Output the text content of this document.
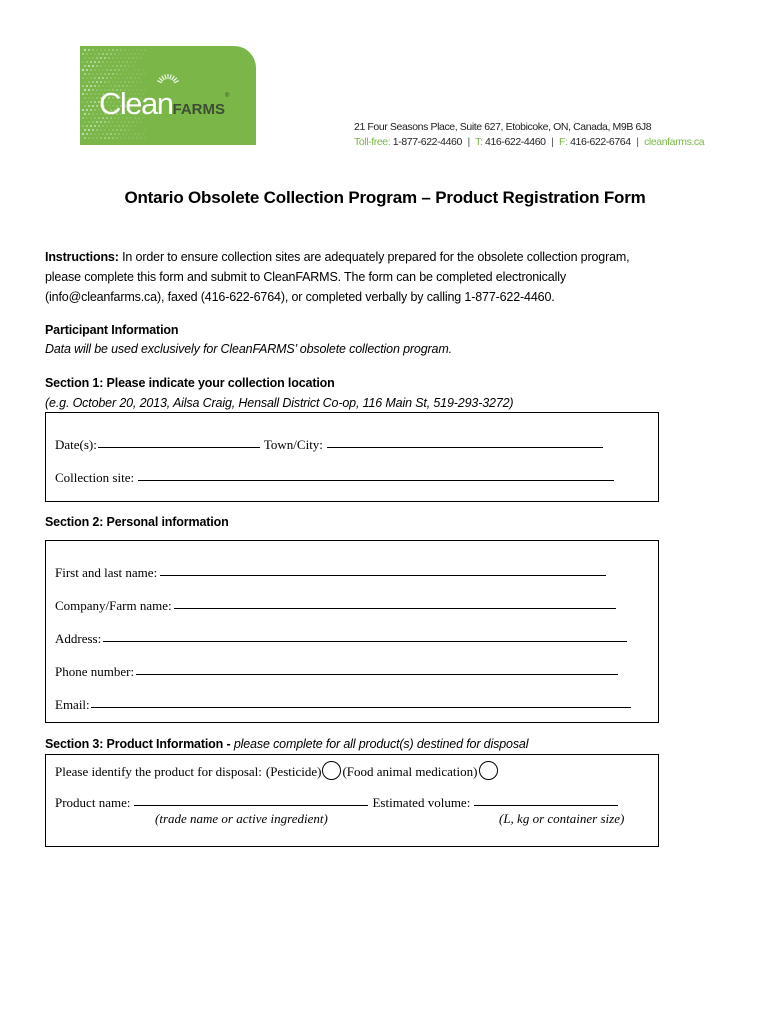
CleanFARMS®
21 Four Seasons Place, Suite 627, Etobicoke, ON, Canada, M9B 6J8
Toll-free: 1-877-622-4460 | T: 416-622-4460 | F: 416-622-6764 | cleanfarms.ca
Ontario Obsolete Collection Program – Product Registration Form
Instructions: In order to ensure collection sites are adequately prepared for the obsolete collection program,
please complete this form and submit to CleanFARMS. The form can be completed electronically
(info@cleanfarms.ca), faxed (416-622-6764), or completed verbally by calling 1-877-622-4460.
Participant Information
Data will be used exclusively for CleanFARMS’ obsolete collection program.
Section 1: Please indicate your collection location
(e.g. October 20, 2013, Ailsa Craig, Hensall District Co-op, 116 Main St, 519-293-3272)
Date(s):	Town/City:
Collection site:
Section 2: Personal information
First and last name:
Company/Farm name:
Address:
Phone number:
Email:
Section 3: Product Information - please complete for all product(s) destined for disposal
Please identify the product for disposal: (Pesticide) (Food animal medication)
Product name:	Estimated volume:
(trade name or active ingredient)	(L, kg or container size)
